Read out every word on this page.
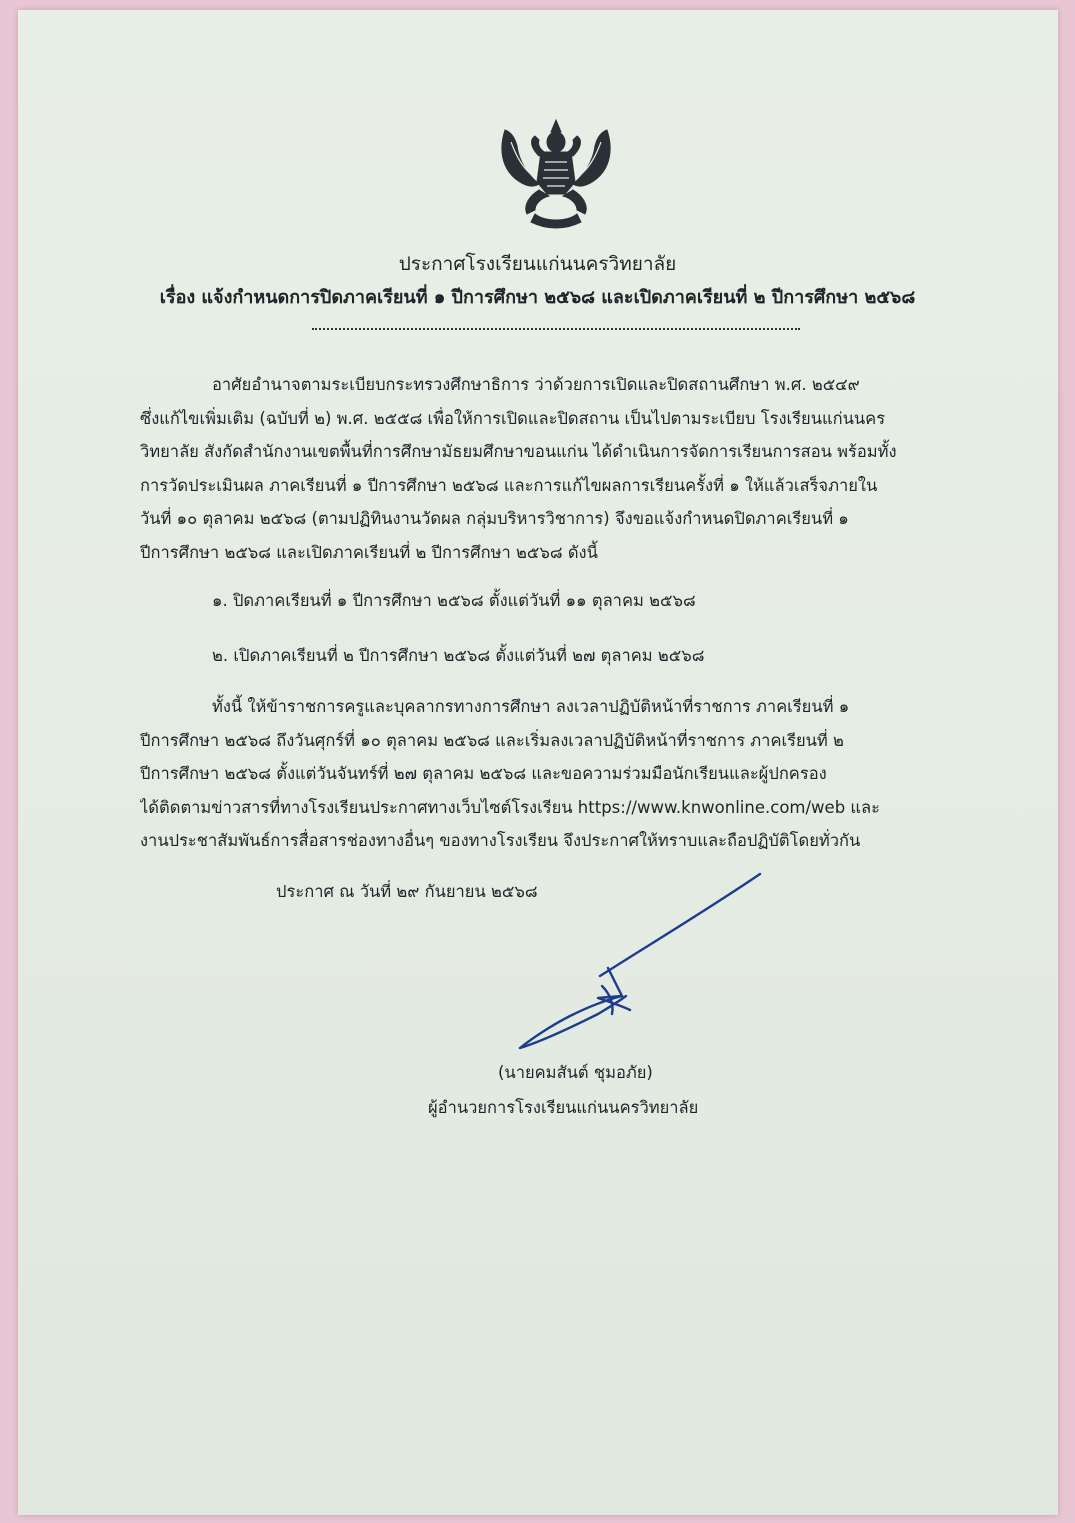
ประกาศโรงเรียนแก่นนครวิทยาลัย
เรื่อง แจ้งกำหนดการปิดภาคเรียนที่ ๑ ปีการศึกษา ๒๕๖๘ และเปิดภาคเรียนที่ ๒ ปีการศึกษา ๒๕๖๘
อาศัยอำนาจตามระเบียบกระทรวงศึกษาธิการ ว่าด้วยการเปิดและปิดสถานศึกษา พ.ศ. ๒๕๔๙
ซึ่งแก้ไขเพิ่มเติม (ฉบับที่ ๒) พ.ศ. ๒๕๕๘ เพื่อให้การเปิดและปิดสถาน เป็นไปตามระเบียบ โรงเรียนแก่นนคร
วิทยาลัย สังกัดสำนักงานเขตพื้นที่การศึกษามัธยมศึกษาขอนแก่น ได้ดำเนินการจัดการเรียนการสอน พร้อมทั้ง
การวัดประเมินผล ภาคเรียนที่ ๑ ปีการศึกษา ๒๕๖๘ และการแก้ไขผลการเรียนครั้งที่ ๑ ให้แล้วเสร็จภายใน
วันที่ ๑๐ ตุลาคม ๒๕๖๘ (ตามปฏิทินงานวัดผล กลุ่มบริหารวิชาการ) จึงขอแจ้งกำหนดปิดภาคเรียนที่ ๑
ปีการศึกษา ๒๕๖๘ และเปิดภาคเรียนที่ ๒ ปีการศึกษา ๒๕๖๘ ดังนี้
๑. ปิดภาคเรียนที่ ๑ ปีการศึกษา ๒๕๖๘ ตั้งแต่วันที่ ๑๑ ตุลาคม ๒๕๖๘
๒. เปิดภาคเรียนที่ ๒ ปีการศึกษา ๒๕๖๘ ตั้งแต่วันที่ ๒๗ ตุลาคม ๒๕๖๘
ทั้งนี้ ให้ข้าราชการครูและบุคลากรทางการศึกษา ลงเวลาปฏิบัติหน้าที่ราชการ ภาคเรียนที่ ๑
ปีการศึกษา ๒๕๖๘ ถึงวันศุกร์ที่ ๑๐ ตุลาคม ๒๕๖๘ และเริ่มลงเวลาปฏิบัติหน้าที่ราชการ ภาคเรียนที่ ๒
ปีการศึกษา ๒๕๖๘ ตั้งแต่วันจันทร์ที่ ๒๗ ตุลาคม ๒๕๖๘ และขอความร่วมมือนักเรียนและผู้ปกครอง
ได้ติดตามข่าวสารที่ทางโรงเรียนประกาศทางเว็บไซต์โรงเรียน https://www.knwonline.com/web และ
งานประชาสัมพันธ์การสื่อสารช่องทางอื่นๆ ของทางโรงเรียน จึงประกาศให้ทราบและถือปฏิบัติโดยทั่วกัน
ประกาศ ณ วันที่ ๒๙ กันยายน ๒๕๖๘
(นายคมสันต์ ชุมอภัย)
ผู้อำนวยการโรงเรียนแก่นนครวิทยาลัย
